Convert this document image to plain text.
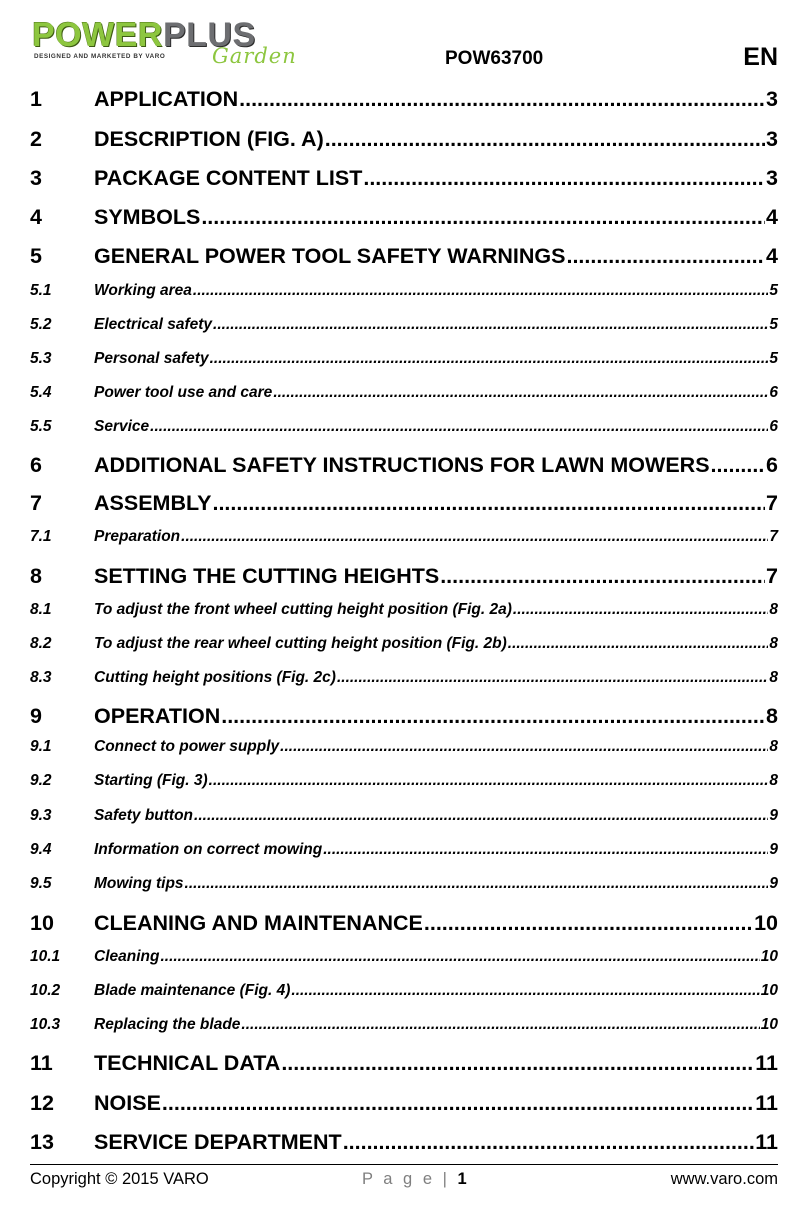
POWERPLUS
DESIGNED AND MARKETED BY VARO Garden	POW63700	EN
1	APPLICATION .....	3
2	DESCRIPTION (FIG. A) .....	3
3	PACKAGE CONTENT LIST .....	3
4	SYMBOLS .....	4
5	GENERAL POWER TOOL SAFETY WARNINGS .....	4
5.1	Working area .....	5
5.2	Electrical safety .....	5
5.3	Personal safety .....	5
5.4	Power tool use and care .....	6
5.5	Service .....	6
6	ADDITIONAL SAFETY INSTRUCTIONS FOR LAWN MOWERS .....	6
7	ASSEMBLY .....	7
7.1	Preparation .....	7
8	SETTING THE CUTTING HEIGHTS .....	7
8.1	To adjust the front wheel cutting height position (Fig. 2a) .....	8
8.2	To adjust the rear wheel cutting height position (Fig. 2b) .....	8
8.3	Cutting height positions (Fig. 2c) .....	8
9	OPERATION .....	8
9.1	Connect to power supply .....	8
9.2	Starting (Fig. 3) .....	8
9.3	Safety button .....	9
9.4	Information on correct mowing .....	9
9.5	Mowing tips .....	9
10	CLEANING AND MAINTENANCE .....	10
10.1	Cleaning .....	10
10.2	Blade maintenance (Fig. 4) .....	10
10.3	Replacing the blade .....	10
11	TECHNICAL DATA .....	11
12	NOISE .....	11
13	SERVICE DEPARTMENT .....	11
Copyright © 2015 VARO	P a g e | 1	www.varo.com
